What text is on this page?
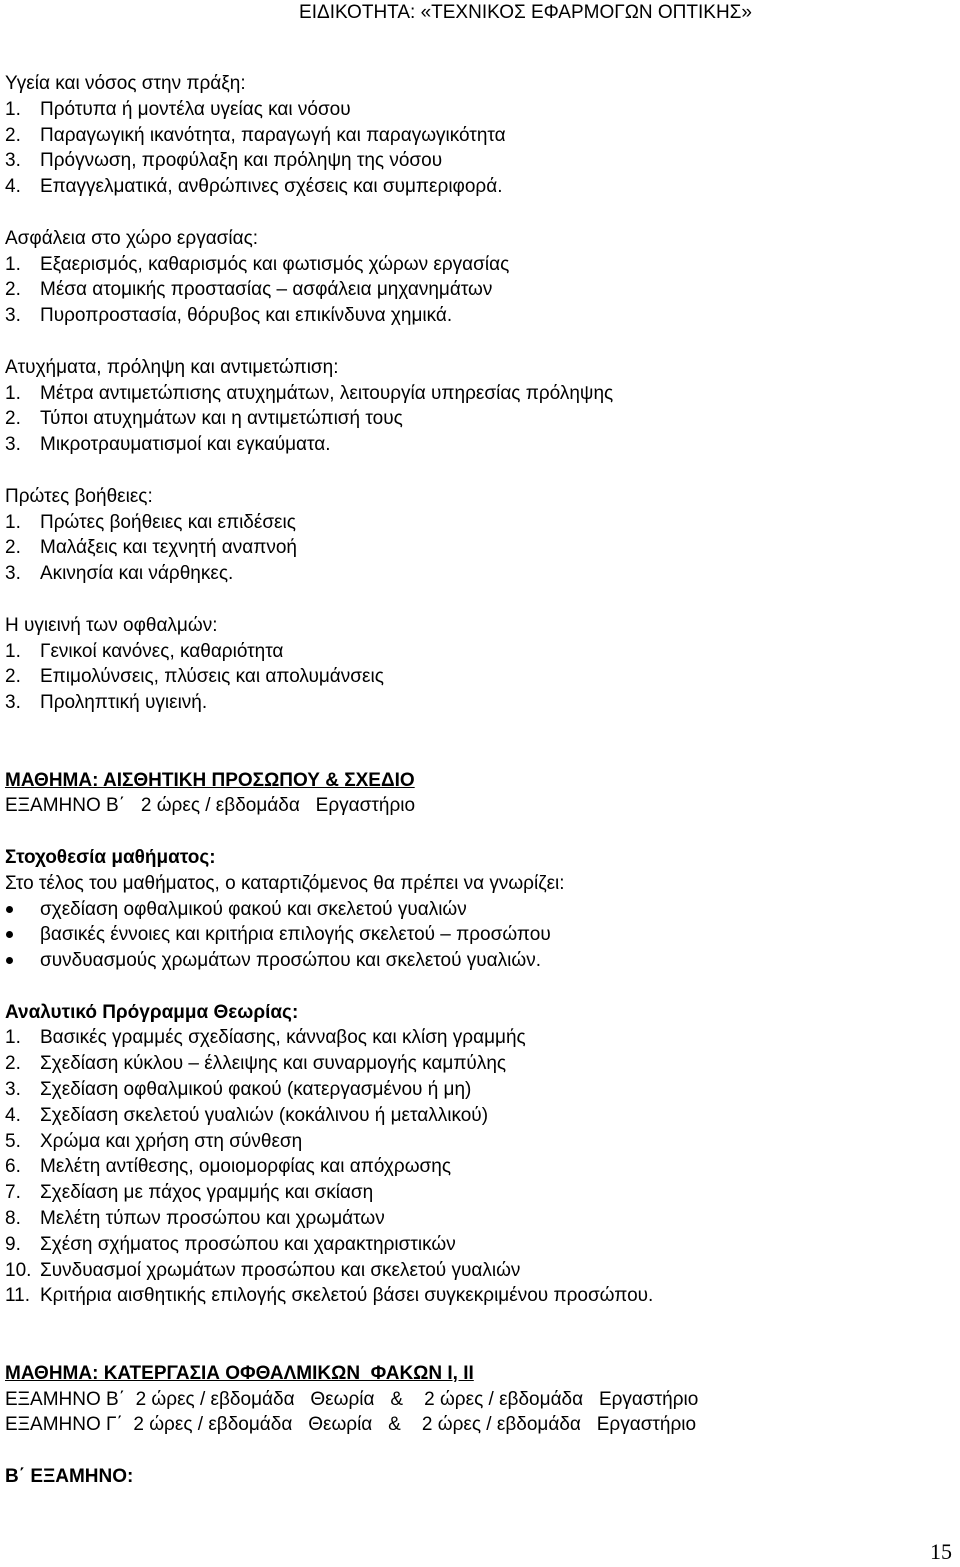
ΕΙΔΙΚΟΤΗΤΑ: «ΤΕΧΝΙΚΟΣ ΕΦΑΡΜΟΓΩΝ ΟΠΤΙΚΗΣ»
Υγεία και νόσος στην πράξη:
1. Πρότυπα ή μοντέλα υγείας και νόσου
2. Παραγωγική ικανότητα, παραγωγή και παραγωγικότητα
3. Πρόγνωση, προφύλαξη και πρόληψη της νόσου
4. Επαγγελματικά, ανθρώπινες σχέσεις και συμπεριφορά.
Ασφάλεια στο χώρο εργασίας:
1. Εξαερισμός, καθαρισμός και φωτισμός χώρων εργασίας
2. Μέσα ατομικής προστασίας – ασφάλεια μηχανημάτων
3. Πυροπροστασία, θόρυβος και επικίνδυνα χημικά.
Ατυχήματα, πρόληψη και αντιμετώπιση:
1. Μέτρα αντιμετώπισης ατυχημάτων, λειτουργία υπηρεσίας πρόληψης
2. Τύποι ατυχημάτων και η αντιμετώπισή τους
3. Μικροτραυματισμοί και εγκαύματα.
Πρώτες βοήθειες:
1. Πρώτες βοήθειες και επιδέσεις
2. Μαλάξεις και τεχνητή αναπνοή
3. Ακινησία και νάρθηκες.
Η υγιεινή των οφθαλμών:
1. Γενικοί κανόνες, καθαριότητα
2. Επιμολύνσεις, πλύσεις και απολυμάνσεις
3. Προληπτική υγιεινή.
ΜΑΘΗΜΑ: ΑΙΣΘΗΤΙΚΗ ΠΡΟΣΩΠΟΥ & ΣΧΕΔΙΟ
ΕΞΑΜΗΝΟ Β΄   2 ώρες / εβδομάδα   Εργαστήριο
Στοχοθεσία μαθήματος:
Στο τέλος του μαθήματος, ο καταρτιζόμενος θα πρέπει να γνωρίζει:
σχεδίαση οφθαλμικού φακού και σκελετού γυαλιών
βασικές έννοιες και κριτήρια επιλογής σκελετού – προσώπου
συνδυασμούς χρωμάτων προσώπου και σκελετού γυαλιών.
Αναλυτικό Πρόγραμμα Θεωρίας:
1. Βασικές γραμμές σχεδίασης, κάνναβος και κλίση γραμμής
2. Σχεδίαση κύκλου – έλλειψης και συναρμογής καμπύλης
3. Σχεδίαση οφθαλμικού φακού (κατεργασμένου ή μη)
4. Σχεδίαση σκελετού γυαλιών (κοκάλινου ή μεταλλικού)
5. Χρώμα και χρήση στη σύνθεση
6. Μελέτη αντίθεσης, ομοιομορφίας και απόχρωσης
7. Σχεδίαση με πάχος γραμμής και σκίαση
8. Μελέτη τύπων προσώπου και χρωμάτων
9. Σχέση σχήματος προσώπου και χαρακτηριστικών
10. Συνδυασμοί χρωμάτων προσώπου και σκελετού γυαλιών
11. Κριτήρια αισθητικής επιλογής σκελετού βάσει συγκεκριμένου προσώπου.
ΜΑΘΗΜΑ: ΚΑΤΕΡΓΑΣΙΑ ΟΦΘΑΛΜΙΚΩΝ  ΦΑΚΩΝ Ι, ΙΙ
ΕΞΑΜΗΝΟ Β΄  2 ώρες / εβδομάδα   Θεωρία   &    2 ώρες / εβδομάδα   Εργαστήριο
ΕΞΑΜΗΝΟ Γ΄  2 ώρες / εβδομάδα   Θεωρία   &    2 ώρες / εβδομάδα   Εργαστήριο
Β΄ ΕΞΑΜΗΝΟ:
15
